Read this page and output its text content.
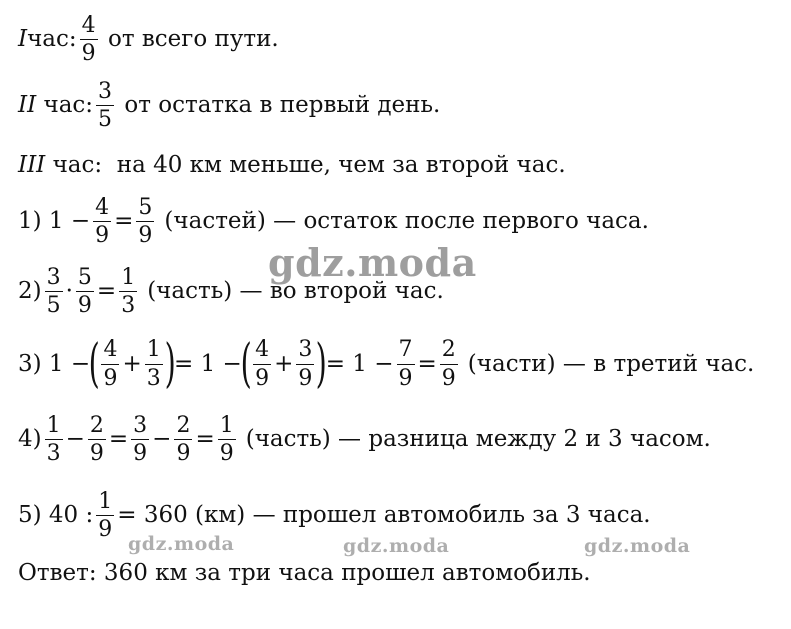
I час: $\frac{4}{9}$ от всего пути.
II час: $\frac{3}{5}$ от остатка в первый день.
III час:  на 40 км меньше, чем за второй час.
1) $1 - \frac{4}{9} = \frac{5}{9}$ (частей) — остаток после первого часа.
$2) \frac{3}{5} \cdot \frac{5}{9} = \frac{1}{3}$ (часть) — во второй час.
3) 1 −
( $\frac{4}{9} + \frac{1}{3}$ )
= 1 −
( $\frac{4}{9} + \frac{3}{9}$ )
= $1 - \frac{7}{9} = \frac{2}{9}$ (части) — в третий час.
$4) \frac{1}{3} - \frac{2}{9} = \frac{3}{9} - \frac{2}{9} = \frac{1}{9}$ (часть) — разница между 2 и 3 часом.
5) 40 : $\frac{1}{9} = 360$ (км) — прошел автомобиль за 3 часа.
Ответ: 360 км за три часа прошел автомобиль.
gdz.moda
gdz.moda	gdz.moda	gdz.moda
